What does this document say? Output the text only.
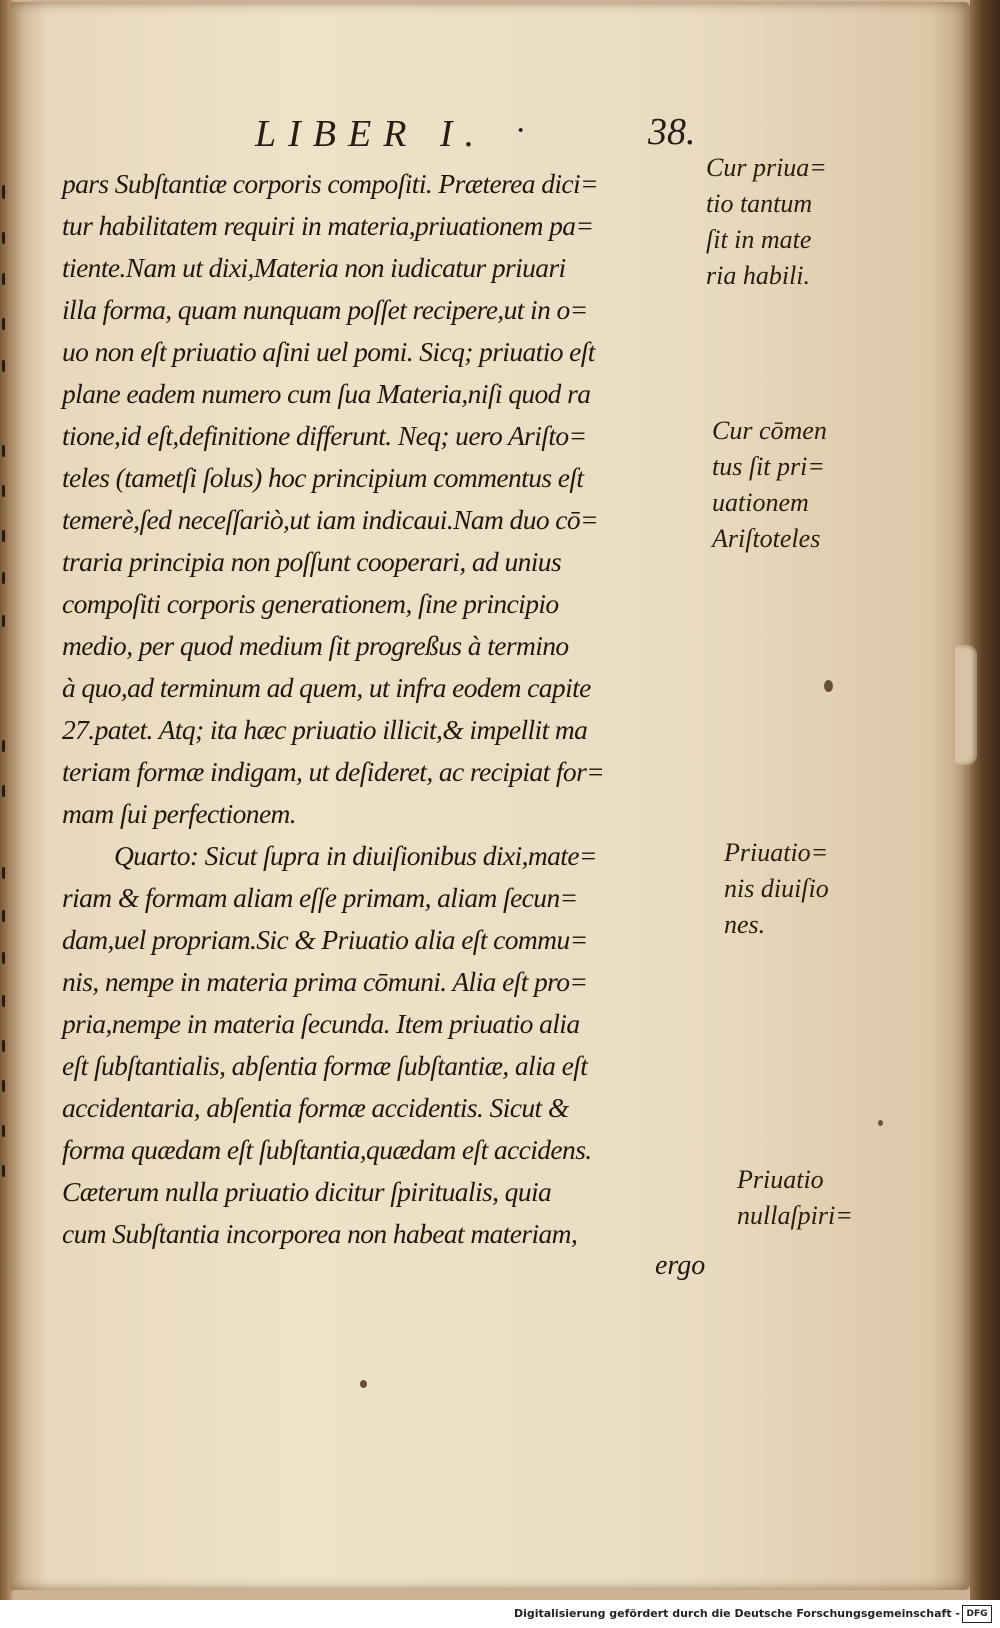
LIBER I. ·	38.
pars Subſtantiæ corporis compoſiti. Præterea dici=
tur habilitatem requiri in materia,priuationem pa=
tiente.Nam ut dixi,Materia non iudicatur priuari
illa forma, quam nunquam poſſet recipere,ut in o=
uo non eſt priuatio aſini uel pomi. Sicq; priuatio eſt
plane eadem numero cum ſua Materia,niſi quod ra
tione,id eſt,definitione differunt. Neq; uero Ariſto=
teles (tametſi ſolus) hoc principium commentus eſt
temerè,ſed neceſſariò,ut iam indicaui.Nam duo cō=
traria principia non poſſunt cooperari, ad unius
compoſiti corporis generationem, ſine principio
medio, per quod medium ſit progreßus à termino
à quo,ad terminum ad quem, ut infra eodem capite
27.patet. Atq; ita hæc priuatio illicit,& impellit ma
teriam formæ indigam, ut deſideret, ac recipiat for=
mam ſui perfectionem.
Quarto: Sicut ſupra in diuiſionibus dixi,mate=
riam & formam aliam eſſe primam, aliam ſecun=
dam,uel propriam.Sic & Priuatio alia eſt commu=
nis, nempe in materia prima cōmuni. Alia eſt pro=
pria,nempe in materia ſecunda. Item priuatio alia
eſt ſubſtantialis, abſentia formæ ſubſtantiæ, alia eſt
accidentaria, abſentia formæ accidentis. Sicut &
forma quædam eſt ſubſtantia,quædam eſt accidens.
Cæterum nulla priuatio dicitur ſpiritualis, quia
cum Subſtantia incorporea non habeat materiam,
ergo
Cur priua=
tio tantum
ſit in mate
ria habili.
Cur cōmen
tus ſit pri=
uationem
Ariſtoteles
Priuatio=
nis diuiſio
nes.
Priuatio
nullaſpiri=
Digitalisierung gefördert durch die Deutsche Forschungsgemeinschaft - DFG
